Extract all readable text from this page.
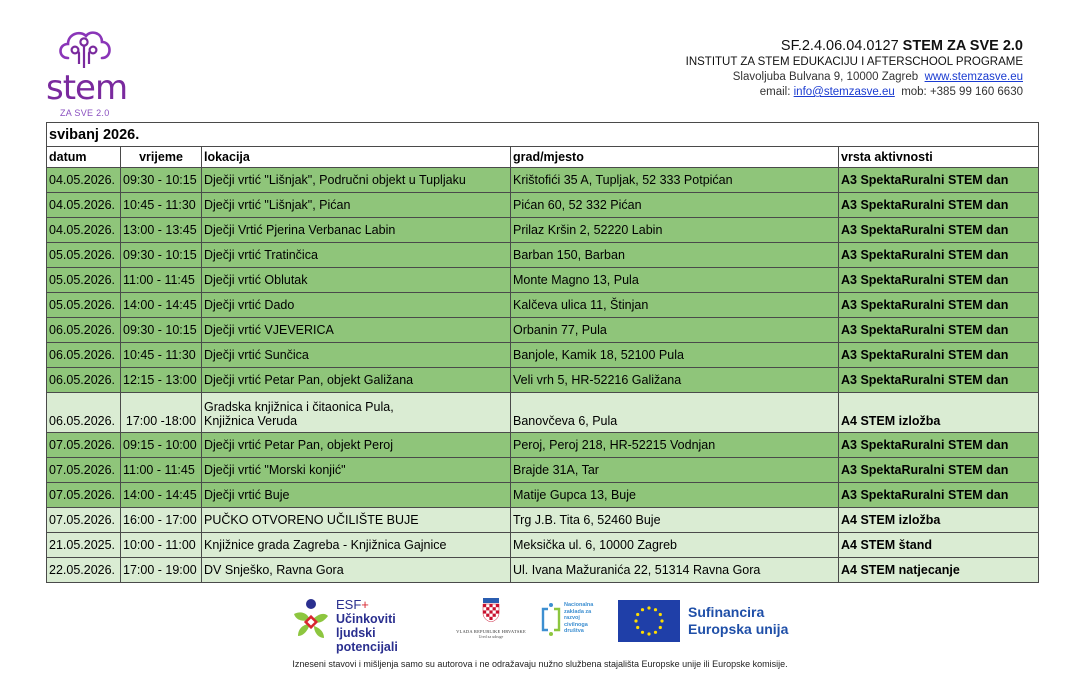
stem
ZA SVE 2.0
SF.2.4.06.04.0127 STEM ZA SVE 2.0
INSTITUT ZA STEM EDUKACIJU I AFTERSCHOOL PROGRAME
Slavoljuba Bulvana 9, 10000 Zagreb www.stemzasve.eu
email: info@stemzasve.eu mob: +385 99 160 6630
svibanj 2026.				
datum	vrijeme	lokacija	grad/mjesto	vrsta aktivnosti
04.05.2026.	09:30 - 10:15	Dječji vrtić "Lišnjak", Područni objekt u Tupljaku	Krištofići 35 A, Tupljak, 52 333 Potpićan	A3 SpektaRuralni STEM dan
04.05.2026.	10:45 - 11:30	Dječji vrtić "Lišnjak", Pićan	Pićan 60, 52 332 Pićan	A3 SpektaRuralni STEM dan
04.05.2026.	13:00 - 13:45	Dječji Vrtić Pjerina Verbanac Labin	Prilaz Kršin 2, 52220 Labin	A3 SpektaRuralni STEM dan
05.05.2026.	09:30 - 10:15	Dječji vrtić Tratinčica	Barban 150, Barban	A3 SpektaRuralni STEM dan
05.05.2026.	11:00 - 11:45	Dječji vrtić Oblutak	Monte Magno 13, Pula	A3 SpektaRuralni STEM dan
05.05.2026.	14:00 - 14:45	Dječji vrtić Dado	Kalčeva ulica 11, Štinjan	A3 SpektaRuralni STEM dan
06.05.2026.	09:30 - 10:15	Dječji vrtić VJEVERICA	Orbanin 77, Pula	A3 SpektaRuralni STEM dan
06.05.2026.	10:45 - 11:30	Dječji vrtić Sunčica	Banjole, Kamik 18, 52100 Pula	A3 SpektaRuralni STEM dan
06.05.2026.	12:15 - 13:00	Dječji vrtić Petar Pan, objekt Galižana	Veli vrh 5, HR-52216 Galižana	A3 SpektaRuralni STEM dan
06.05.2026.	17:00 -18:00	Gradska knjižnica i čitaonica Pula,
Knjižnica Veruda	Banovčeva 6, Pula	A4 STEM izložba
07.05.2026.	09:15 - 10:00	Dječji vrtić Petar Pan, objekt Peroj	Peroj, Peroj 218, HR-52215 Vodnjan	A3 SpektaRuralni STEM dan
07.05.2026.	11:00 - 11:45	Dječji vrtić "Morski konjić"	Brajde 31A, Tar	A3 SpektaRuralni STEM dan
07.05.2026.	14:00 - 14:45	Dječji vrtić Buje	Matije Gupca 13, Buje	A3 SpektaRuralni STEM dan
07.05.2026.	16:00 - 17:00	PUČKO OTVORENO UČILIŠTE BUJE	Trg J.B. Tita 6, 52460 Buje	A4 STEM izložba
21.05.2025.	10:00 - 11:00	Knjižnice grada Zagreba - Knjižnica Gajnice	Meksička ul. 6, 10000 Zagreb	A4 STEM štand
22.05.2026.	17:00 - 19:00	DV Snješko, Ravna Gora	Ul. Ivana Mažuranića 22, 51314 Ravna Gora	A4 STEM natjecanje
ESF+
Učinkoviti ljudski
potencijali
VLADA REPUBLIKE HRVATSKE
Ured za udruge
Nacionalna
zaklada za
razvoj
civilnoga
društva
Sufinancira
Europska unija
Izneseni stavovi i mišljenja samo su autorova i ne odražavaju nužno službena stajališta Europske unije ili Europske komisije.
